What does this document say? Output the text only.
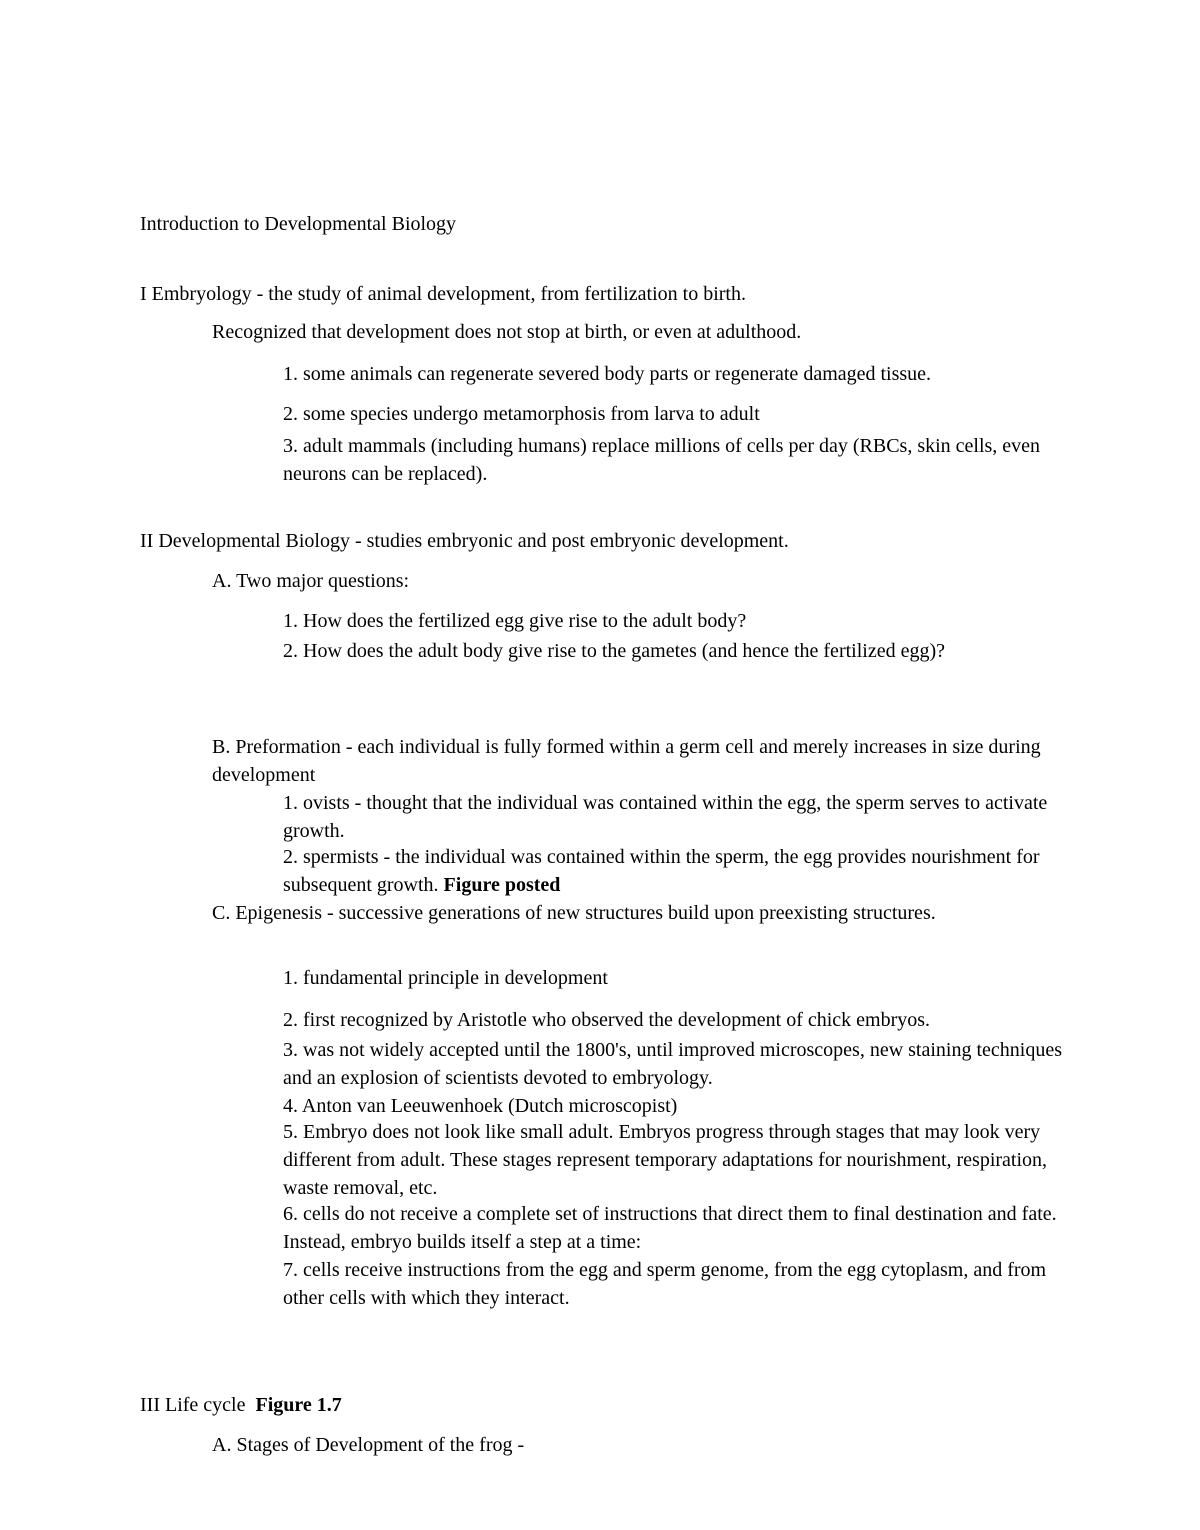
Introduction to Developmental Biology
I Embryology - the study of animal development, from fertilization to birth.
Recognized that development does not stop at birth, or even at adulthood.
1. some animals can regenerate severed body parts or regenerate damaged tissue.
2. some species undergo metamorphosis from larva to adult
3. adult mammals (including humans) replace millions of cells per day (RBCs, skin cells, even neurons can be replaced).
II Developmental Biology - studies embryonic and post embryonic development.
A. Two major questions:
1. How does the fertilized egg give rise to the adult body?
2. How does the adult body give rise to the gametes (and hence the fertilized egg)?
B. Preformation - each individual is fully formed within a germ cell and merely increases in size during development
1. ovists - thought that the individual was contained within the egg, the sperm serves to activate growth.
2. spermists - the individual was contained within the sperm, the egg provides nourishment for subsequent growth. Figure posted
C. Epigenesis - successive generations of new structures build upon preexisting structures.
1. fundamental principle in development
2. first recognized by Aristotle who observed the development of chick embryos.
3. was not widely accepted until the 1800's, until improved microscopes, new staining techniques and an explosion of scientists devoted to embryology.
4. Anton van Leeuwenhoek (Dutch microscopist)
5. Embryo does not look like small adult. Embryos progress through stages that may look very different from adult. These stages represent temporary adaptations for nourishment, respiration, waste removal, etc.
6. cells do not receive a complete set of instructions that direct them to final destination and fate. Instead, embryo builds itself a step at a time:
7. cells receive instructions from the egg and sperm genome, from the egg cytoplasm, and from other cells with which they interact.
III Life cycle Figure 1.7
A. Stages of Development of the frog -
